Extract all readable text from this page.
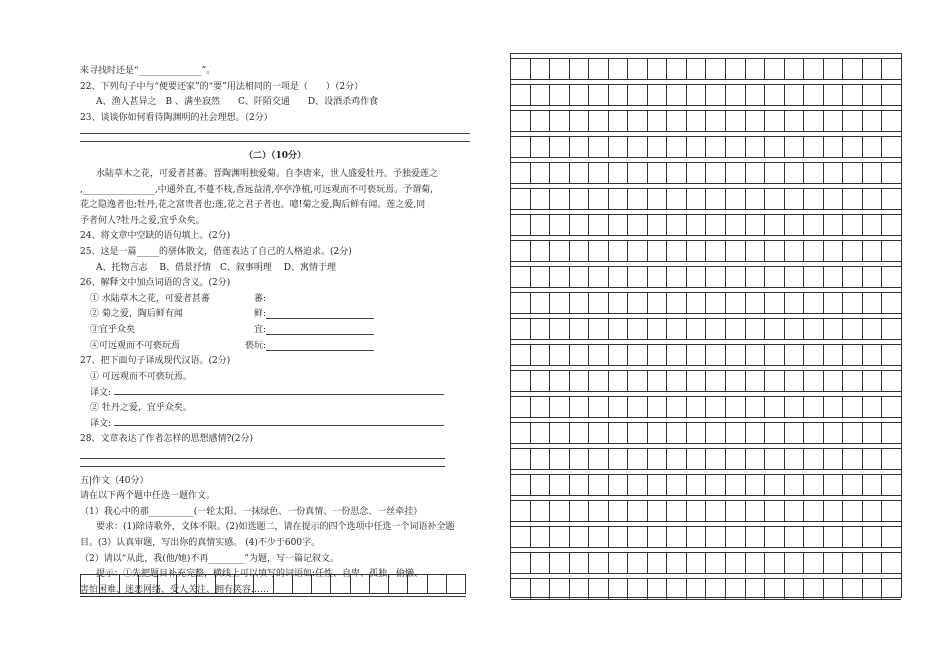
来寻找时还是“______________”。
22、下列句子中与“便要还家”的“要”用法相同的一项是（　　）（2分）
A、渔人甚异之　B 、满坐寂然　　C、阡陌交通　　D、设酒杀鸡作食
23、谈谈你如何看待陶渊明的社会理想。（2分）
（二）（10分）
水陆草木之花，可爱者甚蕃。晋陶渊明独爱菊。自李唐来，世人盛爱牡丹。予独爱莲之
,________________,中通外直,不蔓不枝,香远益清,亭亭净植,可远观而不可亵玩焉。予谓菊,
花之隐逸者也;牡丹,花之富贵者也;莲,花之君子者也。噫!菊之爱,陶后鲜有闻。莲之爱,同
予者何人?牡丹之爱,宜乎众矣。
24、将文章中空缺的语句填上。(2分)
25、这是一篇_____的骈体散文，借莲表达了自己的人格追求。(2分)
A、托物言志　 B、借景抒情　C、叙事明理　 D、寓情于理
26、解释文中加点词语的含义。(2分)
① 水陆草木之花，可爱者甚蕃	蕃:
② 菊之爱，陶后鲜有闻	鲜:
③宜乎众矣	宜:
④可远观而不可亵玩焉	亵玩:
27、把下面句子译成现代汉语。(2分)
① 可远观而不可亵玩焉。
译文:
② 牡丹之爱，宜乎众矣。
译文:
28、文章表达了作者怎样的思想感情?(2分)
五|作文（40分）
请在以下两个题中任选一题作文。
（1）我心中的那__________(一轮太阳、一抹绿色、一份真情、一份思念、一丝牵挂）
要求：(1)除诗歌外，文体不限。(2)如选题二，请在提示的四个选项中任选一个词语补全题
目。(3）认真审题，写出你的真情实感。 (4)不少于600字。
（2）请以“从此，我(他/她)不再________”为题，写一篇记叙文。
提示：①先把题目补充完整，横线上可以填写的词语如:任性、自卑、孤独、偷懒、
害怕困难、迷恋网络、受人关注、拥有笑容……
